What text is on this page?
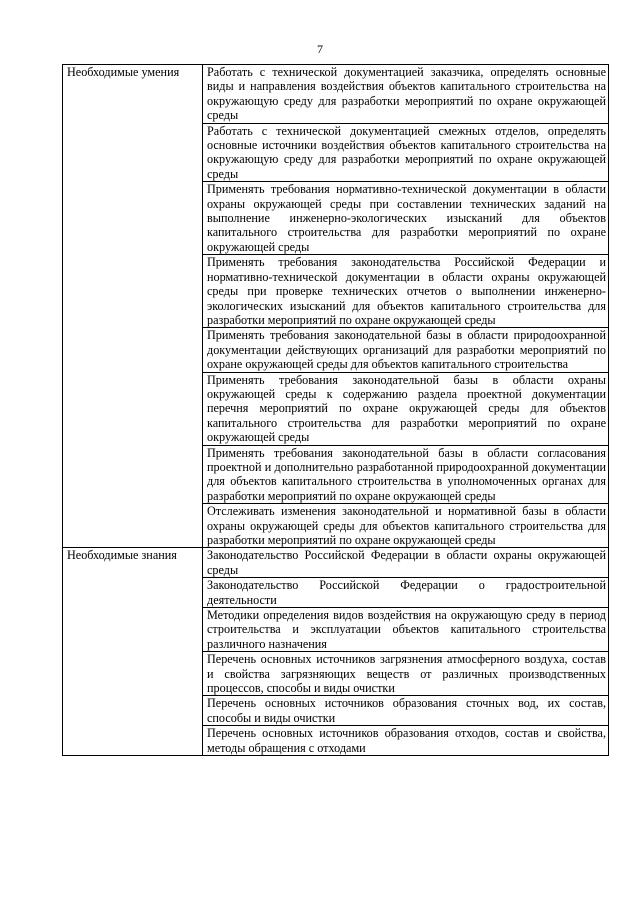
7
Необходимые умения	Работать с технической документацией заказчика, определять основные виды и направления воздействия объектов капитального строительства на окружающую среду для разработки мероприятий по охране окружающей среды
	Работать с технической документацией смежных отделов, определять основные источники воздействия объектов капитального строительства на окружающую среду для разработки мероприятий по охране окружающей среды
	Применять требования нормативно-технической документации в области охраны окружающей среды при составлении технических заданий на выполнение инженерно-экологических изысканий для объектов капитального строительства для разработки мероприятий по охране окружающей среды
	Применять требования законодательства Российской Федерации и нормативно-технической документации в области охраны окружающей среды при проверке технических отчетов о выполнении инженерно-экологических изысканий для объектов капитального строительства для разработки мероприятий по охране окружающей среды
	Применять требования законодательной базы в области природоохранной документации действующих организаций для разработки мероприятий по охране окружающей среды для объектов капитального строительства
	Применять требования законодательной базы в области охраны окружающей среды к содержанию раздела проектной документации перечня мероприятий по охране окружающей среды для объектов капитального строительства для разработки мероприятий по охране окружающей среды
	Применять требования законодательной базы в области согласования проектной и дополнительно разработанной природоохранной документации для объектов капитального строительства в уполномоченных органах для разработки мероприятий по охране окружающей среды
	Отслеживать изменения законодательной и нормативной базы в области охраны окружающей среды для объектов капитального строительства для разработки мероприятий по охране окружающей среды
Необходимые знания	Законодательство Российской Федерации в области охраны окружающей среды
	Законодательство Российской Федерации о градостроительной деятельности
	Методики определения видов воздействия на окружающую среду в период строительства и эксплуатации объектов капитального строительства различного назначения
	Перечень основных источников загрязнения атмосферного воздуха, состав и свойства загрязняющих веществ от различных производственных процессов, способы и виды очистки
	Перечень основных источников образования сточных вод, их состав, способы и виды очистки
	Перечень основных источников образования отходов, состав и свойства, методы обращения с отходами
